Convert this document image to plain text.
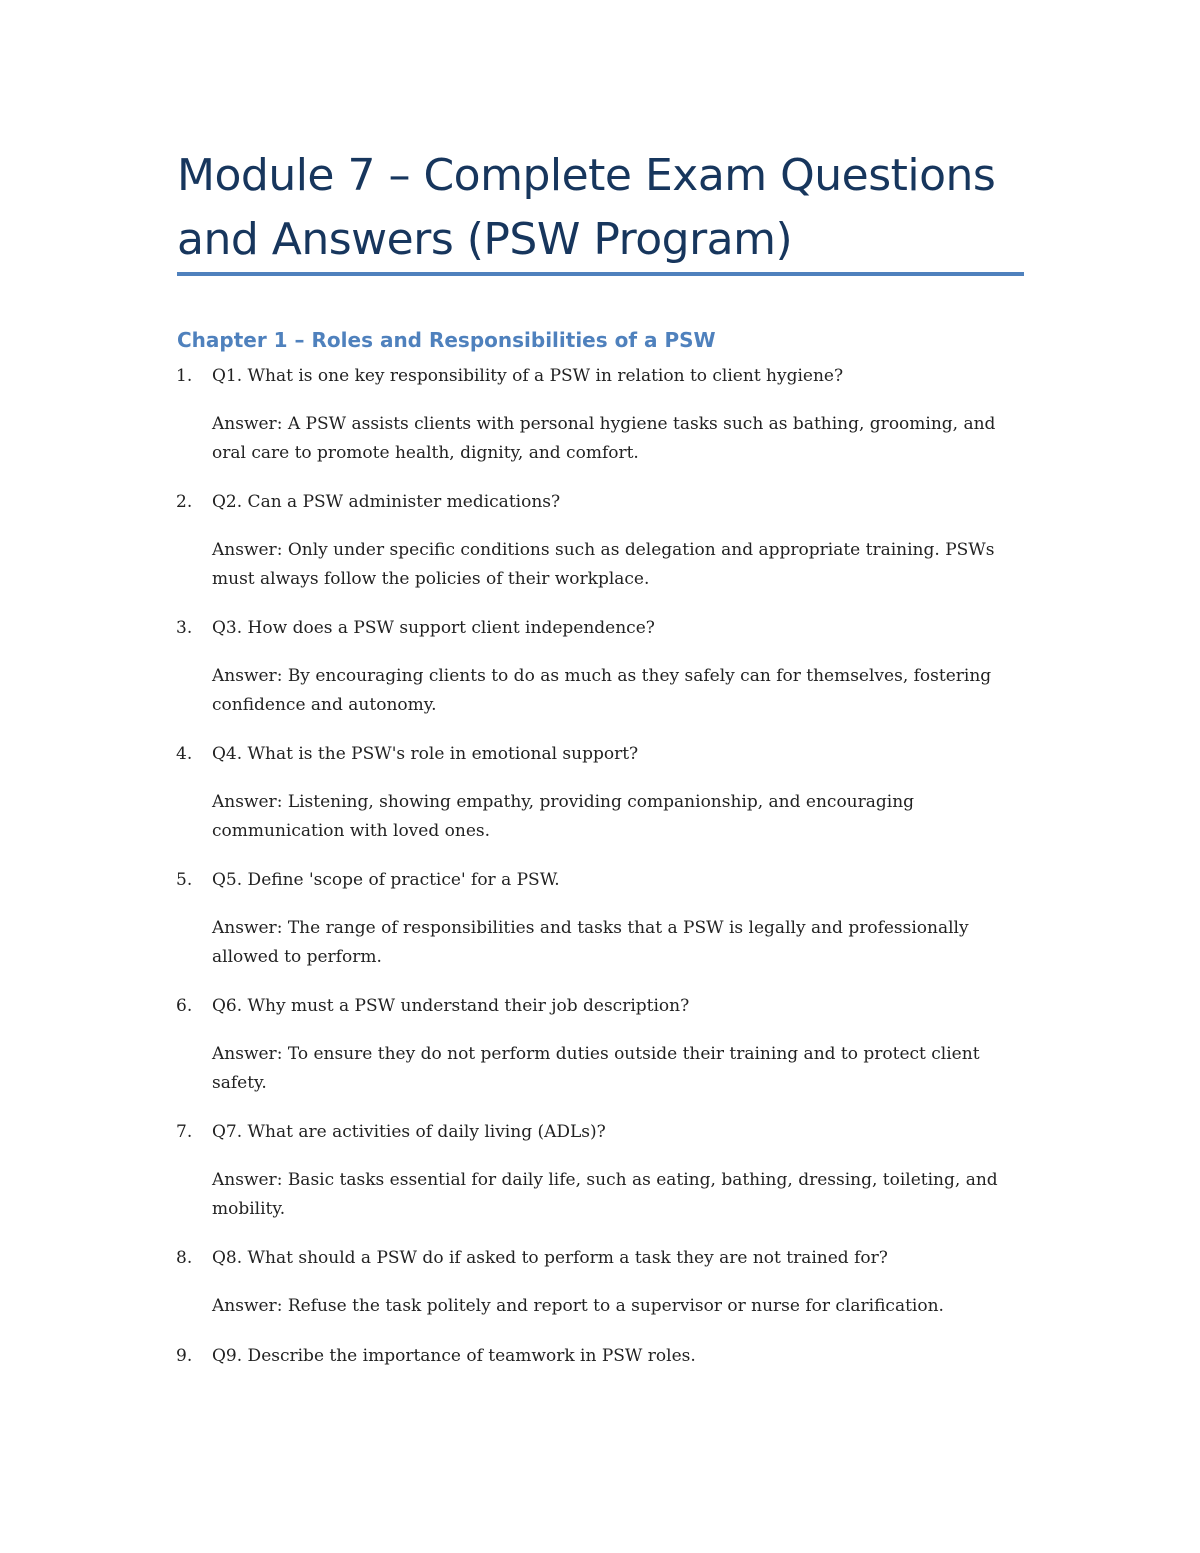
Module 7 – Complete Exam Questions and Answers (PSW Program)
Chapter 1 – Roles and Responsibilities of a PSW
1. Q1. What is one key responsibility of a PSW in relation to client hygiene?

Answer: A PSW assists clients with personal hygiene tasks such as bathing, grooming, and oral care to promote health, dignity, and comfort.

2. Q2. Can a PSW administer medications?

Answer: Only under specific conditions such as delegation and appropriate training. PSWs must always follow the policies of their workplace.

3. Q3. How does a PSW support client independence?

Answer: By encouraging clients to do as much as they safely can for themselves, fostering confidence and autonomy.

4. Q4. What is the PSW's role in emotional support?

Answer: Listening, showing empathy, providing companionship, and encouraging communication with loved ones.

5. Q5. Define 'scope of practice' for a PSW.

Answer: The range of responsibilities and tasks that a PSW is legally and professionally allowed to perform.

6. Q6. Why must a PSW understand their job description?

Answer: To ensure they do not perform duties outside their training and to protect client safety.

7. Q7. What are activities of daily living (ADLs)?

Answer: Basic tasks essential for daily life, such as eating, bathing, dressing, toileting, and mobility.

8. Q8. What should a PSW do if asked to perform a task they are not trained for?

Answer: Refuse the task politely and report to a supervisor or nurse for clarification.

9. Q9. Describe the importance of teamwork in PSW roles.
